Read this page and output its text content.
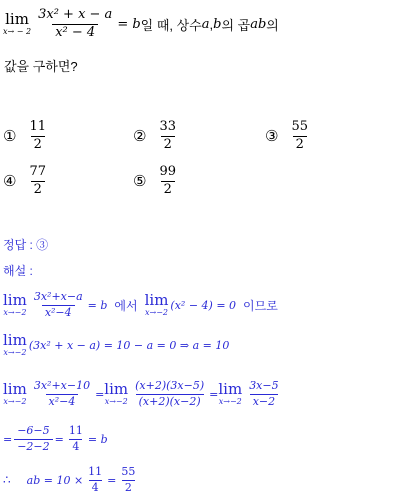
lim
$x\to - 2 \frac{\text{3x² + x − a}}{\text{x² − 4}} = b$ 일 때, 상수 a , b 의 곱 ab 의
값을 구하면?
① $\frac{11}{2}$	② $\frac{33}{2}$	③ $\frac{55}{2}$
④ $\frac{77}{2}$	⑤ $\frac{99}{2}$
정답 : ③
해설 :
lim
$x\to-2 \frac{\text{3x²+x−a}}{\text{x²−4}} = b$ 에서 lim
x→−2
(x² − 4) = 0 이므로
lim
x→−2
(3x² + x − a) = 10 − a = 0 ⇒ a = 10
lim
$x\to-2 \frac{\text{3x²+x−10}}{\text{x²−4}} = \lim$
$x\to-2 \frac{(x+2)(3x-5)}{(x+2)(x-2)} = \lim$
$x\to-2 \frac{3x-5}{x-2}$
= $\frac{-6-5}{-2-2} = \frac{11}{4} = b$
∴ ab = $10 \times \frac{11}{4} = \frac{55}{2}$
